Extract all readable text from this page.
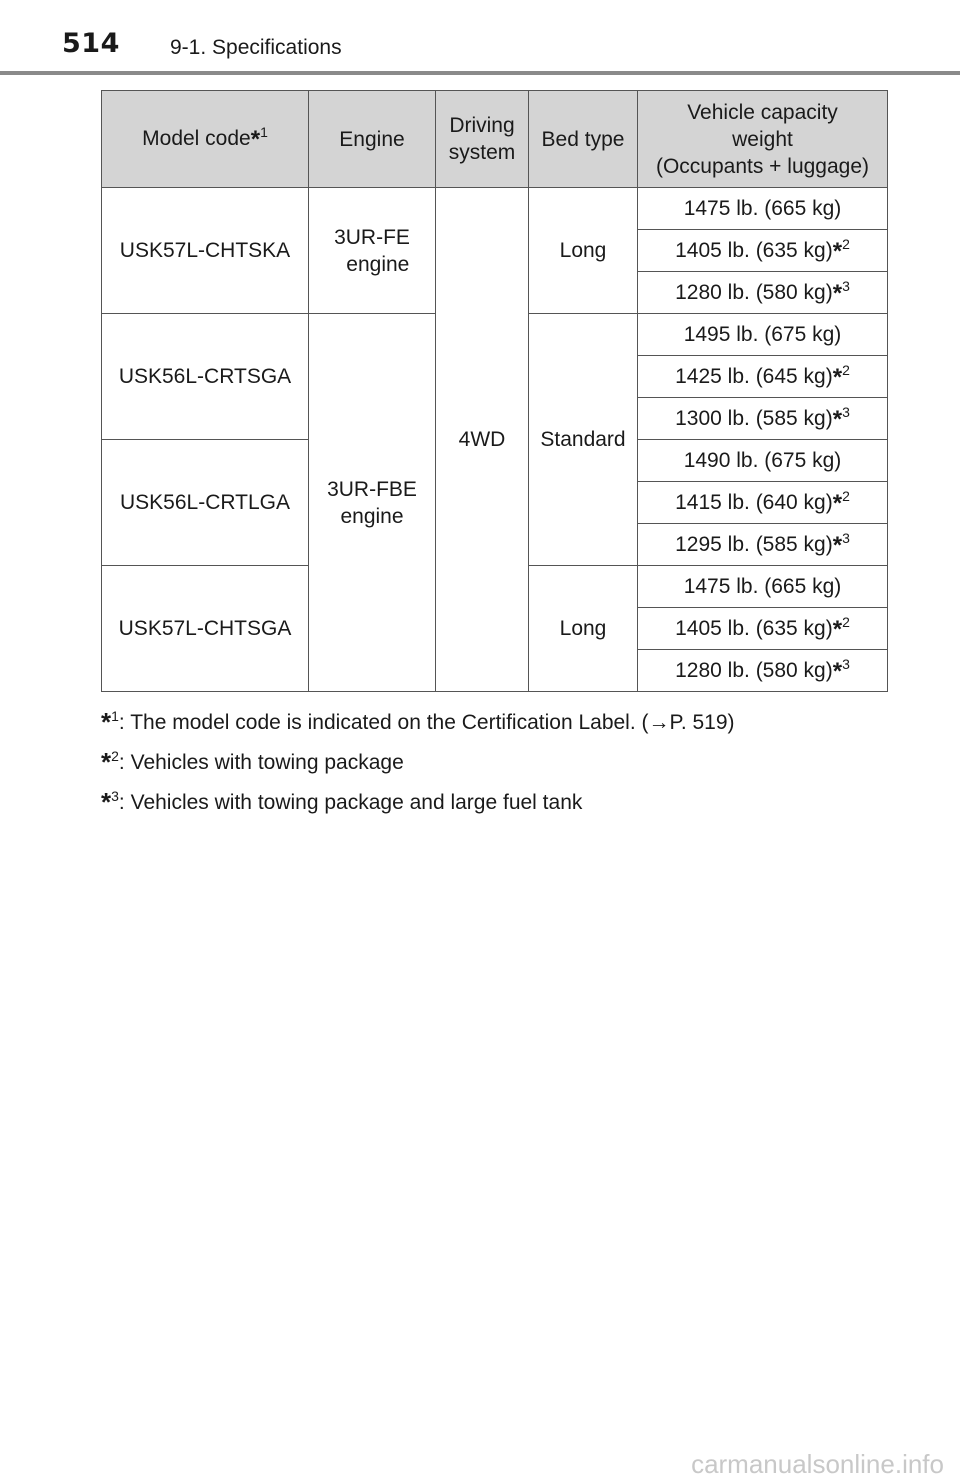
514 9-1. Specifications
Model code*$^1$	Engine	Driving
system	Bed type	Vehicle capacity
weight
(Occupants + luggage)
USK57L-CHTSKA	3UR-FE
engine	4WD	Long	1475 lb. (665 kg)
				1405 lb. (635 kg)*$^2$
				1280 lb. (580 kg)*$^3$
USK56L-CRTSGA	3UR-FBE
engine		Standard	1495 lb. (675 kg)
				1425 lb. (645 kg)*$^2$
				1300 lb. (585 kg)*$^3$
USK56L-CRTLGA				1490 lb. (675 kg)
				1415 lb. (640 kg)*$^2$
				1295 lb. (585 kg)*$^3$
USK57L-CHTSGA			Long	1475 lb. (665 kg)
				1405 lb. (635 kg)*$^2$
				1280 lb. (580 kg)*$^3$
*$^1$: The model code is indicated on the Certification Label. (→P. 519)
*$^2$: Vehicles with towing package
*$^3$: Vehicles with towing package and large fuel tank
carmanualsonline.info
